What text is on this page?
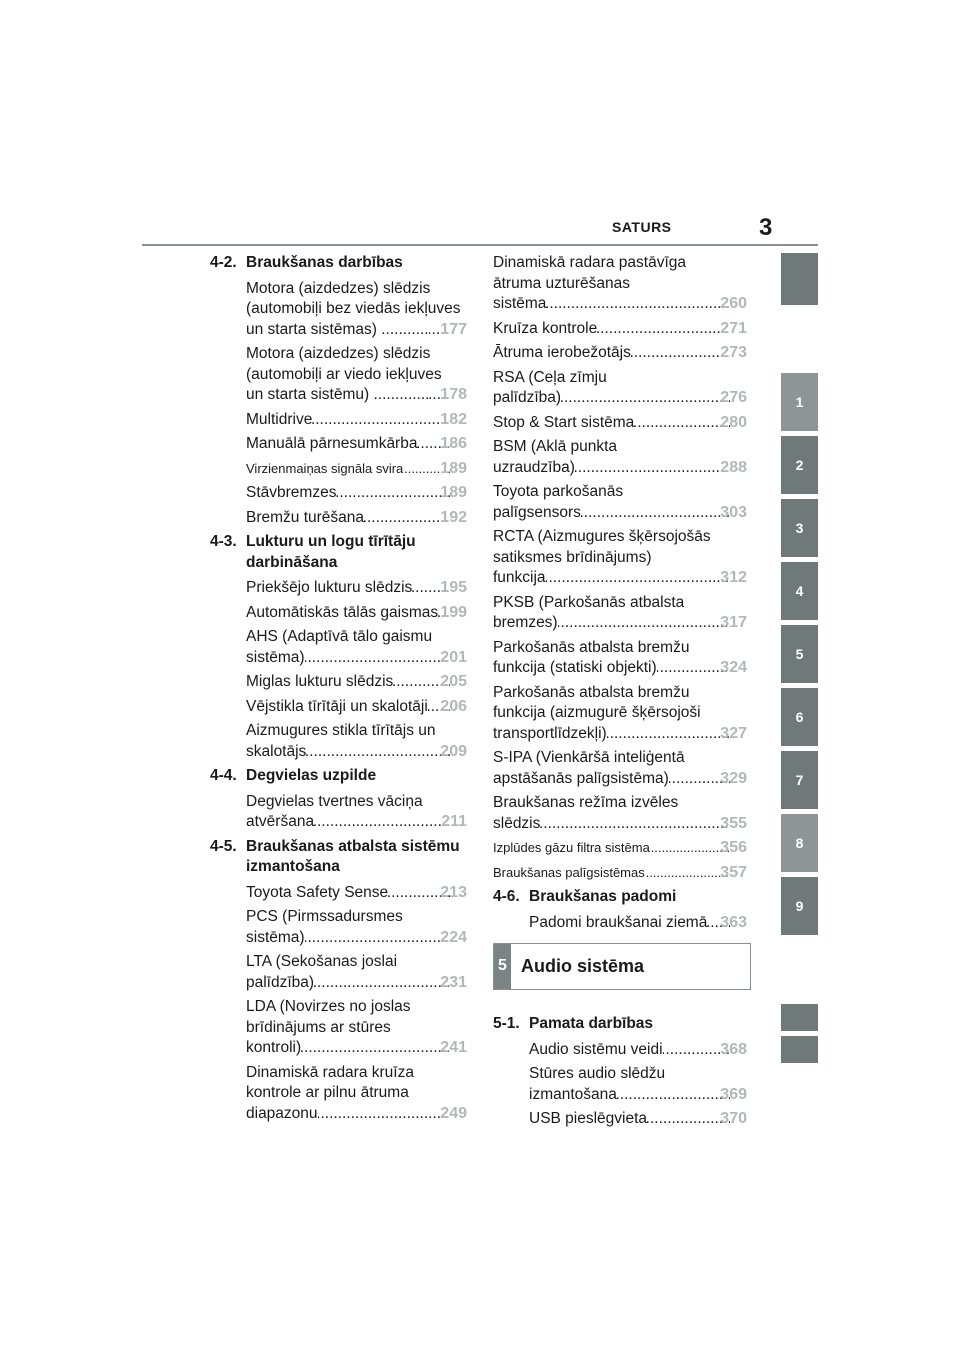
SATURS	3
4-2. Braukšanas darbības
Motora (aizdedzes) slēdzis
(automobiļi bez viedās iekļuves
un starta sistēmas) ........... ..... 177
Motora (aizdedzes) slēdzis
(automobiļi ar viedo iekļuves
un starta sistēmu) ............. ..... 178
Multidrive .....	182
Manuālā pārnesumkārba ..... 186
Virzienmaiņas signāla svira ..... 189
Stāvbremzes .....	189
Bremžu turēšana .....	192
4-3. Lukturu un logu tīrītāju
darbināšana
Priekšējo lukturu slēdzis ..... 195
Automātiskās tālās gaismas ..... 199
AHS (Adaptīvā tālo gaismu
sistēma) .....	201
Miglas lukturu slēdzis .....	205
Vējstikla tīrītāji un skalotāji ..... 206
Aizmugures stikla tīrītājs un
skalotājs .....	209
4-4. Degvielas uzpilde
Degvielas tvertnes vāciņa
atvēršana .....	211
4-5. Braukšanas atbalsta sistēmu
izmantošana
Toyota Safety Sense .....	213
PCS (Pirmssadursmes
sistēma) .....	224
LTA (Sekošanas joslai
palīdzība) .....	231
LDA (Novirzes no joslas
brīdinājums ar stūres
kontroli) .....	241
Dinamiskā radara kruīza
kontrole ar pilnu ātruma
diapazonu .....	249
Dinamiskā radara pastāvīga
ātruma uzturēšanas
sistēma .....	260
Kruīza kontrole .....	271
Ātruma ierobežotājs .....	273
RSA (Ceļa zīmju
palīdzība) .....	276
Stop & Start sistēma .....	280
BSM (Aklā punkta
uzraudzība) .....	288
Toyota parkošanās
palīgsensors .....	303
RCTA (Aizmugures šķērsojošās
satiksmes brīdinājums)
funkcija .....	312
PKSB (Parkošanās atbalsta
bremzes) .....	317
Parkošanās atbalsta bremžu
funkcija (statiski objekti) .....	324
Parkošanās atbalsta bremžu
funkcija (aizmugurē šķērsojoši
transportlīdzekļi) .....	327
S-IPA (Vienkāršā inteliģentā
apstāšanās palīgsistēma) .....	329
Braukšanas režīma izvēles
slēdzis .....	355
Izplūdes gāzu filtra sistēma .....	356
Braukšanas palīgsistēmas .....	357
4-6. Braukšanas padomi
Padomi braukšanai ziemā ..... 363
5 Audio sistēma
5-1. Pamata darbības
Audio sistēmu veidi .....	368
Stūres audio slēdžu
izmantošana .....	369
USB pieslēgvieta .....	370
1
2
3
4
5
6
7
8
9
